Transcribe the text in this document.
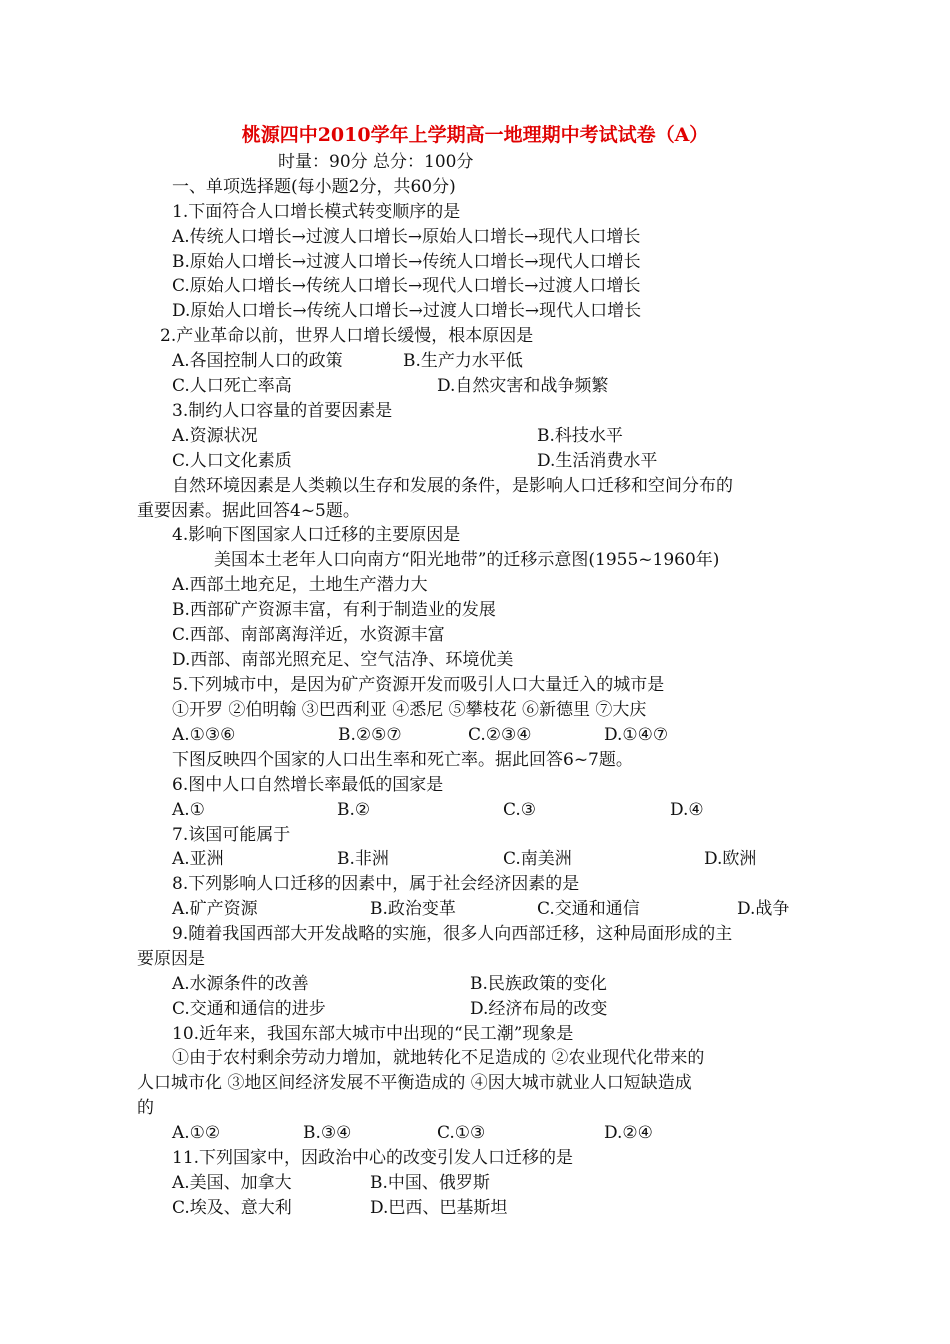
桃源四中2010学年上学期高一地理期中考试试卷（A）
时量：90分 总分：100分
一、单项选择题(每小题2分，共60分)
1.下面符合人口增长模式转变顺序的是
A.传统人口增长→过渡人口增长→原始人口增长→现代人口增长
B.原始人口增长→过渡人口增长→传统人口增长→现代人口增长
C.原始人口增长→传统人口增长→现代人口增长→过渡人口增长
D.原始人口增长→传统人口增长→过渡人口增长→现代人口增长
2.产业革命以前，世界人口增长缓慢，根本原因是
A.各国控制人口的政策	B.生产力水平低
C.人口死亡率高	D.自然灾害和战争频繁
3.制约人口容量的首要因素是
A.资源状况	B.科技水平
C.人口文化素质	D.生活消费水平
自然环境因素是人类赖以生存和发展的条件，是影响人口迁移和空间分布的
重要因素。据此回答4~5题。
4.影响下图国家人口迁移的主要原因是
美国本土老年人口向南方“阳光地带”的迁移示意图(1955~1960年)
A.西部土地充足，土地生产潜力大
B.西部矿产资源丰富，有利于制造业的发展
C.西部、南部离海洋近，水资源丰富
D.西部、南部光照充足、空气洁净、环境优美
5.下列城市中，是因为矿产资源开发而吸引人口大量迁入的城市是
①开罗 ②伯明翰 ③巴西利亚 ④悉尼 ⑤攀枝花 ⑥新德里 ⑦大庆
A.①③⑥	B.②⑤⑦	C.②③④	D.①④⑦
下图反映四个国家的人口出生率和死亡率。据此回答6~7题。
6.图中人口自然增长率最低的国家是
A.①	B.②	C.③	D.④
7.该国可能属于
A.亚洲	B.非洲	C.南美洲	D.欧洲
8.下列影响人口迁移的因素中，属于社会经济因素的是
A.矿产资源	B.政治变革	C.交通和通信	D.战争
9.随着我国西部大开发战略的实施，很多人向西部迁移，这种局面形成的主
要原因是
A.水源条件的改善	B.民族政策的变化
C.交通和通信的进步	D.经济布局的改变
10.近年来，我国东部大城市中出现的“民工潮”现象是
①由于农村剩余劳动力增加，就地转化不足造成的 ②农业现代化带来的
人口城市化 ③地区间经济发展不平衡造成的 ④因大城市就业人口短缺造成
的
A.①②	B.③④	C.①③	D.②④
11.下列国家中，因政治中心的改变引发人口迁移的是
A.美国、加拿大	B.中国、俄罗斯
C.埃及、意大利	D.巴西、巴基斯坦
